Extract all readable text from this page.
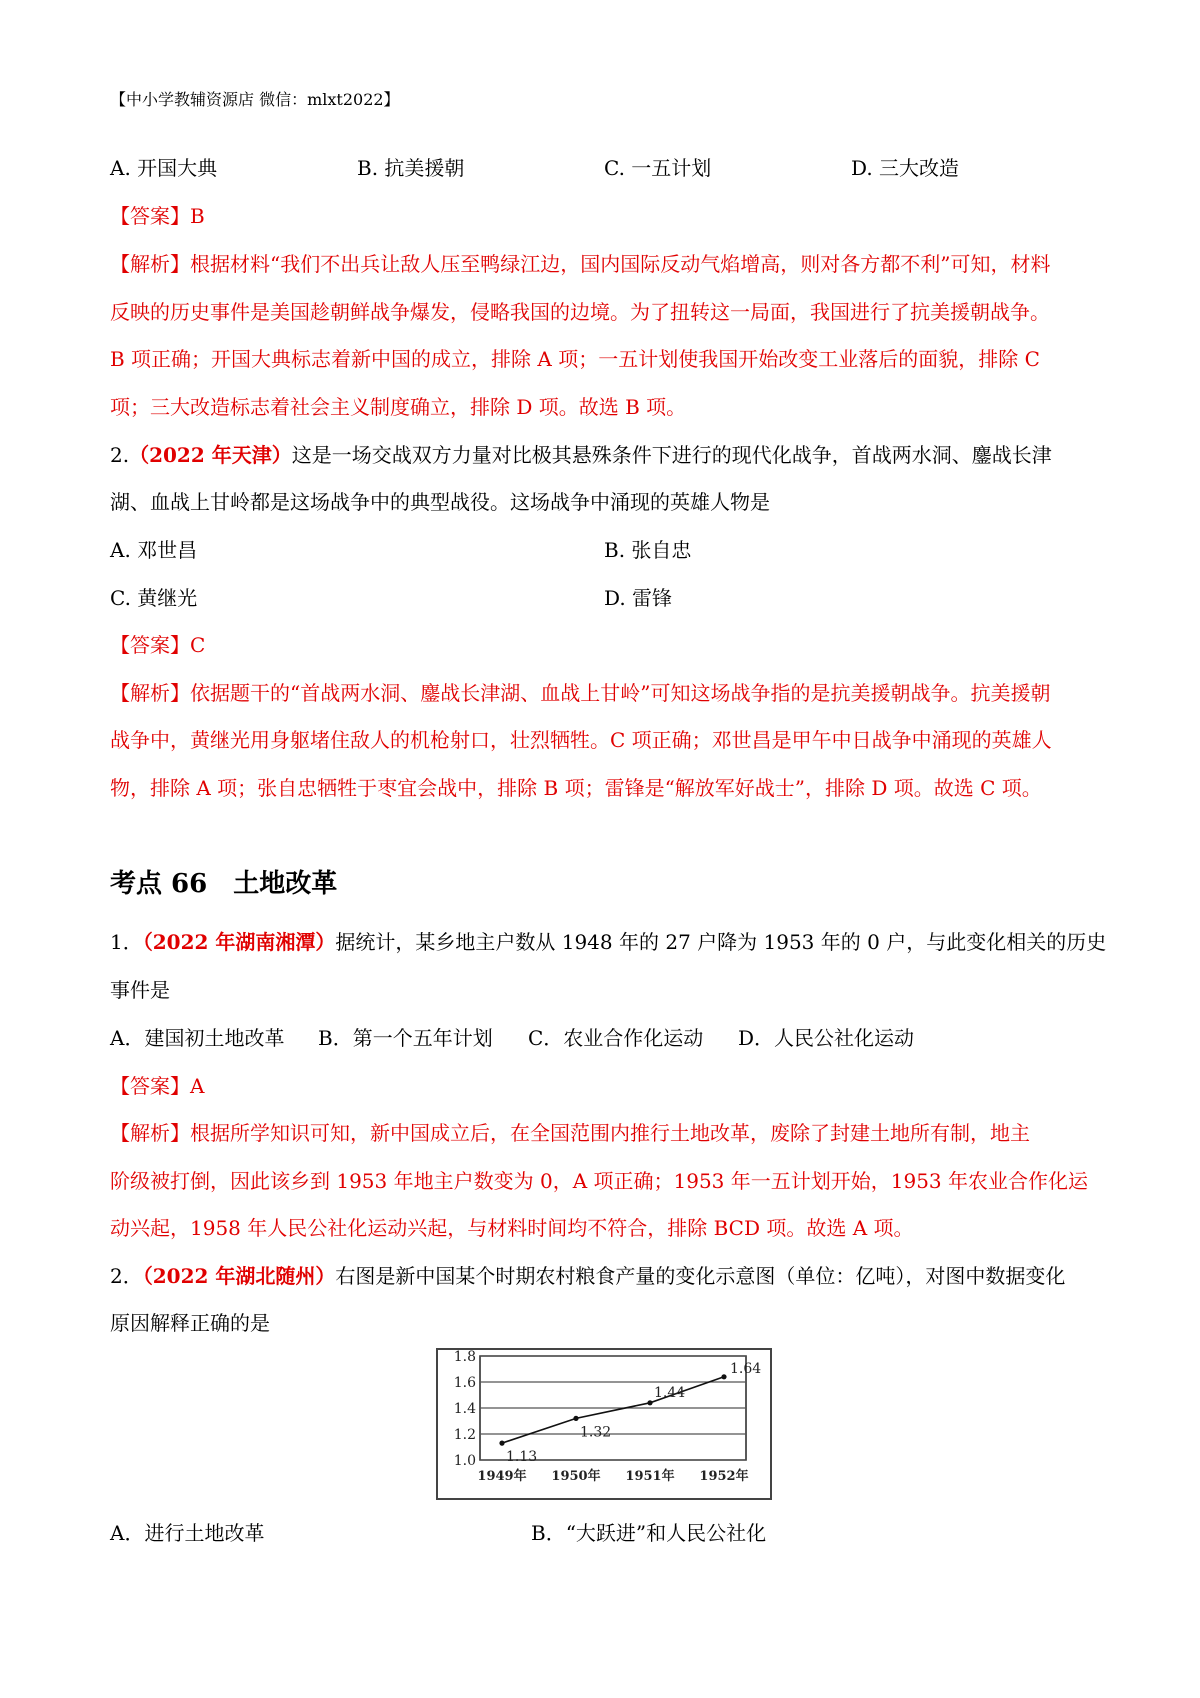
【中小学教辅资源店 微信：mlxt2022】
A. 开国大典	B. 抗美援朝	C. 一五计划	D. 三大改造
【答案】B
【解析】根据材料“我们不出兵让敌人压至鸭绿江边，国内国际反动气焰增高，则对各方都不利”可知，材料
反映的历史事件是美国趁朝鲜战争爆发，侵略我国的边境。为了扭转这一局面，我国进行了抗美援朝战争。
B 项正确；开国大典标志着新中国的成立，排除 A 项；一五计划使我国开始改变工业落后的面貌，排除 C
项；三大改造标志着社会主义制度确立，排除 D 项。故选 B 项。
2.（2022 年天津）这是一场交战双方力量对比极其悬殊条件下进行的现代化战争，首战两水洞、鏖战长津
湖、血战上甘岭都是这场战争中的典型战役。这场战争中涌现的英雄人物是
A. 邓世昌	B. 张自忠
C. 黄继光	D. 雷锋
【答案】C
【解析】依据题干的“首战两水洞、鏖战长津湖、血战上甘岭”可知这场战争指的是抗美援朝战争。抗美援朝
战争中，黄继光用身躯堵住敌人的机枪射口，壮烈牺牲。C 项正确；邓世昌是甲午中日战争中涌现的英雄人
物，排除 A 项；张自忠牺牲于枣宜会战中，排除 B 项；雷锋是“解放军好战士”，排除 D 项。故选 C 项。
考点 66　土地改革
1．（2022 年湖南湘潭）据统计，某乡地主户数从 1948 年的 27 户降为 1953 年的 0 户，与此变化相关的历史
事件是
A．建国初土地改革 B．第一个五年计划 C．农业合作化运动 D．人民公社化运动
【答案】A
【解析】根据所学知识可知，新中国成立后，在全国范围内推行土地改革，废除了封建土地所有制，地主
阶级被打倒，因此该乡到 1953 年地主户数变为 0，A 项正确；1953 年一五计划开始，1953 年农业合作化运
动兴起，1958 年人民公社化运动兴起，与材料时间均不符合，排除 BCD 项。故选 A 项。
2．（2022 年湖北随州）右图是新中国某个时期农村粮食产量的变化示意图（单位：亿吨），对图中数据变化
原因解释正确的是
1.0
1.2
1.4
1.6
1.8
1949年 1950年 1951年 1952年
1.13
1.32
1.44
1.64
A．进行土地改革	B．“大跃进”和人民公社化
